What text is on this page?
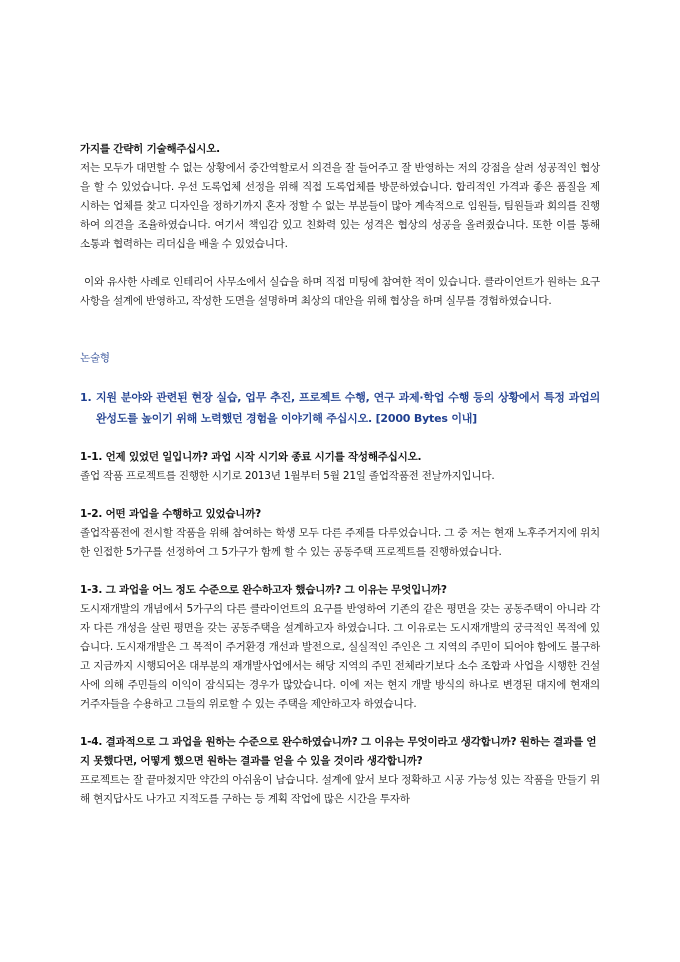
가지를 간략히 기술해주십시오.

저는 모두가 대면할 수 없는 상황에서 중간역할로서 의견을 잘 들어주고 잘 반영하는 저의 강점을 살려 성공적인 협상을 할 수 있었습니다. 우선 도록업체 선정을 위해 직접 도록업체를 방문하였습니다. 합리적인 가격과 좋은 품질을 제시하는 업체를 찾고 디자인을 정하기까지 혼자 정할 수 없는 부분들이 많아 계속적으로 임원들, 팀원들과 회의를 진행하여 의견을 조율하였습니다. 여기서 책임감 있고 친화력 있는 성격은 협상의 성공을 올려줬습니다. 또한 이를 통해 소통과 협력하는 리더십을 배울 수 있었습니다.

이와 유사한 사례로 인테리어 사무소에서 실습을 하며 직접 미팅에 참여한 적이 있습니다. 클라이언트가 원하는 요구사항을 설계에 반영하고, 작성한 도면을 설명하며 최상의 대안을 위해 협상을 하며 실무를 경험하였습니다.

논술형

1. 지원 분야와 관련된 현장 실습, 업무 추진, 프로젝트 수행, 연구 과제·학업 수행 등의 상황에서 특정 과업의 완성도를 높이기 위해 노력했던 경험을 이야기해 주십시오. [2000 Bytes 이내]

1-1. 언제 있었던 일입니까? 과업 시작 시기와 종료 시기를 작성해주십시오.

졸업 작품 프로젝트를 진행한 시기로 2013년 1월부터 5월 21일 졸업작품전 전날까지입니다.

1-2. 어떤 과업을 수행하고 있었습니까?

졸업작품전에 전시할 작품을 위해 참여하는 학생 모두 다른 주제를 다루었습니다. 그 중 저는 현재 노후주거지에 위치한 인접한 5가구를 선정하여 그 5가구가 함께 할 수 있는 공동주택 프로젝트를 진행하였습니다.

1-3. 그 과업을 어느 정도 수준으로 완수하고자 했습니까? 그 이유는 무엇입니까?

도시재개발의 개념에서 5가구의 다른 클라이언트의 요구를 반영하여 기존의 같은 평면을 갖는 공동주택이 아니라 각자 다른 개성을 살린 평면을 갖는 공동주택을 설계하고자 하였습니다. 그 이유로는 도시재개발의 궁극적인 목적에 있습니다. 도시재개발은 그 목적이 주거환경 개선과 발전으로, 실실적인 주인은 그 지역의 주민이 되어야 함에도 불구하고 지금까지 시행되어온 대부분의 재개발사업에서는 해당 지역의 주민 전체라기보다 소수 조합과 사업을 시행한 건설사에 의해 주민들의 이익이 잠식되는 경우가 많았습니다. 이에 저는 현지 개발 방식의 하나로 변경된 대지에 현재의 거주자들을 수용하고 그들의 위로할 수 있는 주택을 제안하고자 하였습니다.

1-4. 결과적으로 그 과업을 원하는 수준으로 완수하였습니까? 그 이유는 무엇이라고 생각합니까? 원하는 결과를 얻지 못했다면, 어떻게 했으면 원하는 결과를 얻을 수 있을 것이라 생각합니까?

프로젝트는 잘 끝마쳤지만 약간의 아쉬움이 남습니다. 설계에 앞서 보다 정확하고 시공 가능성 있는 작품을 만들기 위해 현지답사도 나가고 지적도를 구하는 등 계획 작업에 많은 시간을 투자하
